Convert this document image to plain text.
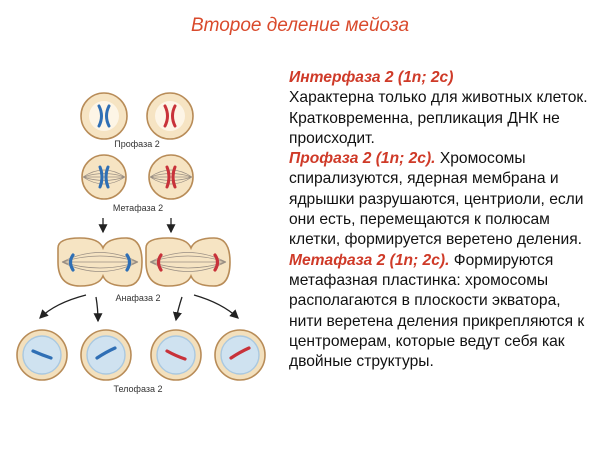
Второе деление мейоза
Профаза 2
Метафаза 2
Анафаза 2
Телофаза 2

Интерфаза 2 (1n; 2c)
Характерна только для животных клеток. Кратковременна, репликация ДНК не происходит.

Профаза 2 (1n; 2c). Хромосомы спирализуются, ядерная мембрана и ядрышки разрушаются, центриоли, если они есть, перемещаются к полюсам клетки, формируется веретено деления.

Метафаза 2 (1n; 2c). Формируются метафазная пластинка: хромосомы располагаются в плоскости экватора, нити веретена деления прикрепляются к центромерам, которые ведут себя как двойные структуры.
